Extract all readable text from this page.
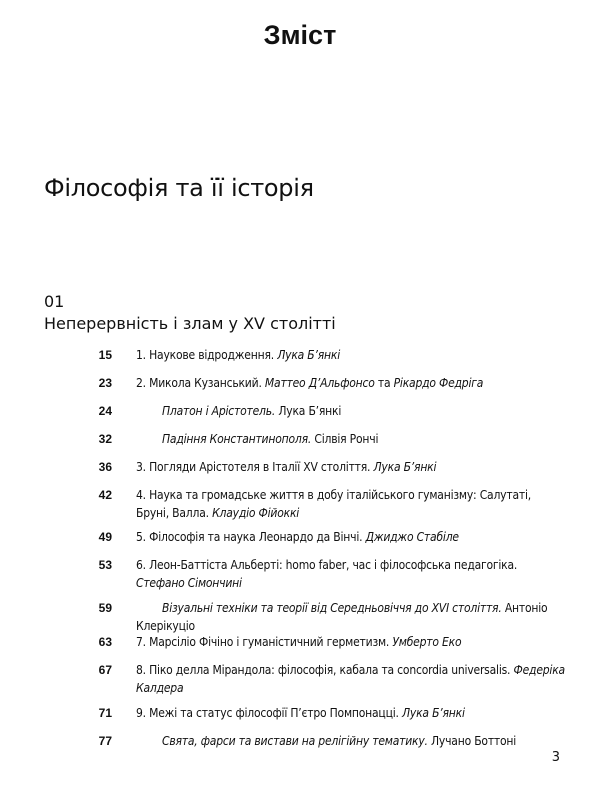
Зміст
Філософія та її історія
01
Неперервність і злам у XV столітті
15 1. Наукове відродження. Лука Б’янкі
23 2. Микола Кузанський. Маттео Д’Альфонсо та Рікардо Федріга
24	Платон і Арістотель. Лука Б’янкі
32	Падіння Константинополя. Сілвія Рончі
36 3. Погляди Арістотеля в Італії XV століття. Лука Б’янкі
42 4. Наука та громадське життя в добу італійського гуманізму: Салутаті, Бруні, Валла. Клаудіо Фійоккі
49 5. Філософія та наука Леонардо да Вінчі. Джиджо Стабіле
53 6. Леон-Баттіста Альберті: homo faber, час і філософська педагогіка. Стефано Сімончині
59	Візуальні техніки та теорії від Середньовіччя до XVI століття. Антоніо Клерікуціо
63 7. Марсіліо Фічіно і гуманістичний герметизм. Умберто Еко
67 8. Піко делла Мірандола: філософія, кабала та concordia universalis. Федеріка Калдера
71 9. Межі та статус філософії П’єтро Помпонацці. Лука Б’янкі
77	Свята, фарси та вистави на релігійну тематику. Лучано Боттоні
3
